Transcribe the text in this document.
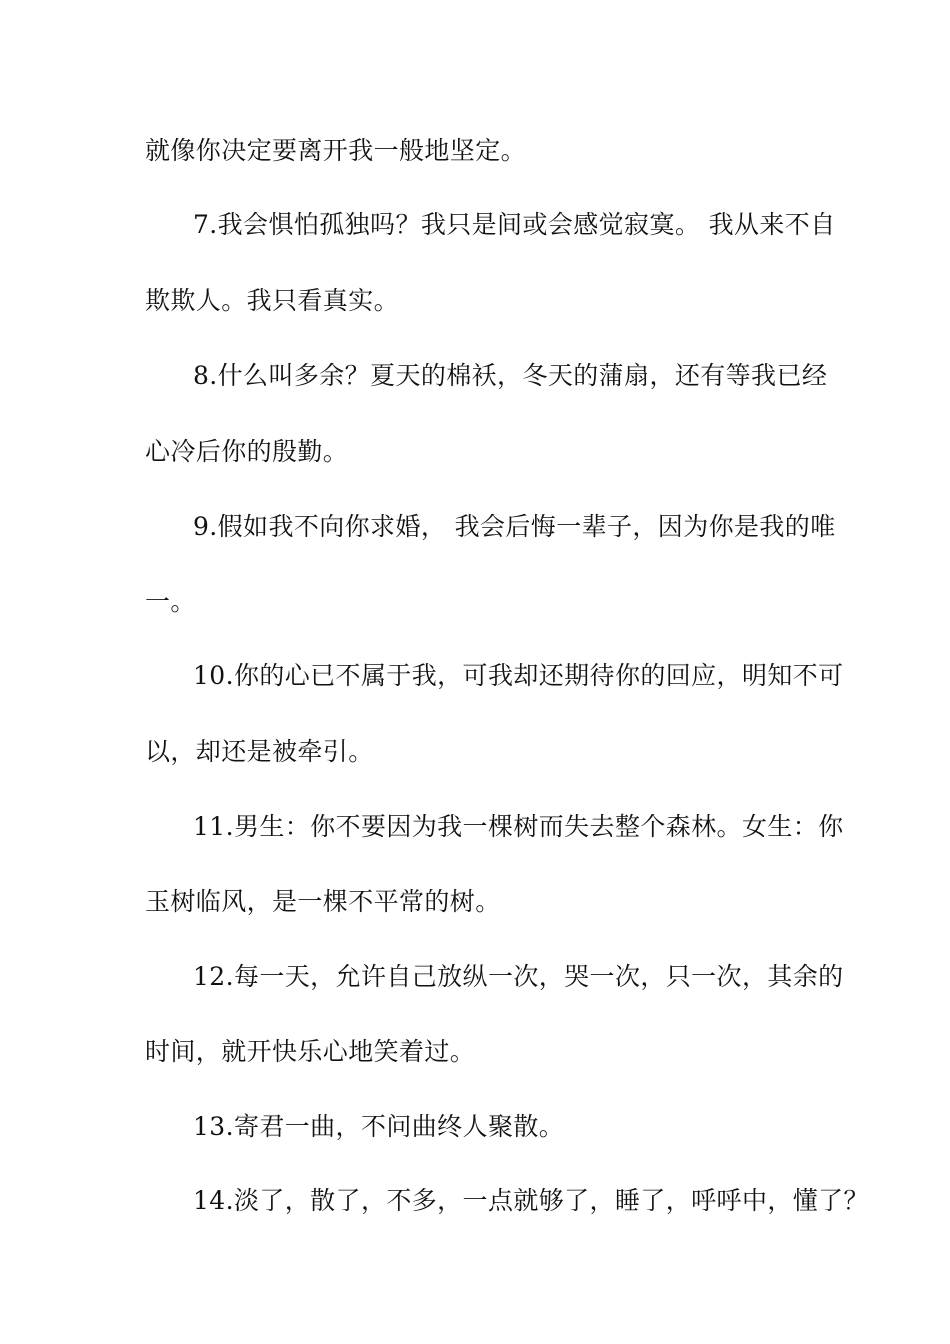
就像你决定要离开我一般地坚定。
7.我会惧怕孤独吗？我只是间或会感觉寂寞。 我从来不自
欺欺人。我只看真实。
8.什么叫多余？夏天的棉袄，冬天的蒲扇，还有等我已经
心冷后你的殷勤。
9.假如我不向你求婚， 我会后悔一辈子，因为你是我的唯
一。
10.你的心已不属于我，可我却还期待你的回应，明知不可
以，却还是被牵引。
11.男生：你不要因为我一棵树而失去整个森林。女生：你
玉树临风，是一棵不平常的树。
12.每一天，允许自己放纵一次，哭一次，只一次，其余的
时间，就开快乐心地笑着过。
13.寄君一曲，不问曲终人聚散。
14.淡了，散了，不多，一点就够了，睡了，呼呼中，懂了？
